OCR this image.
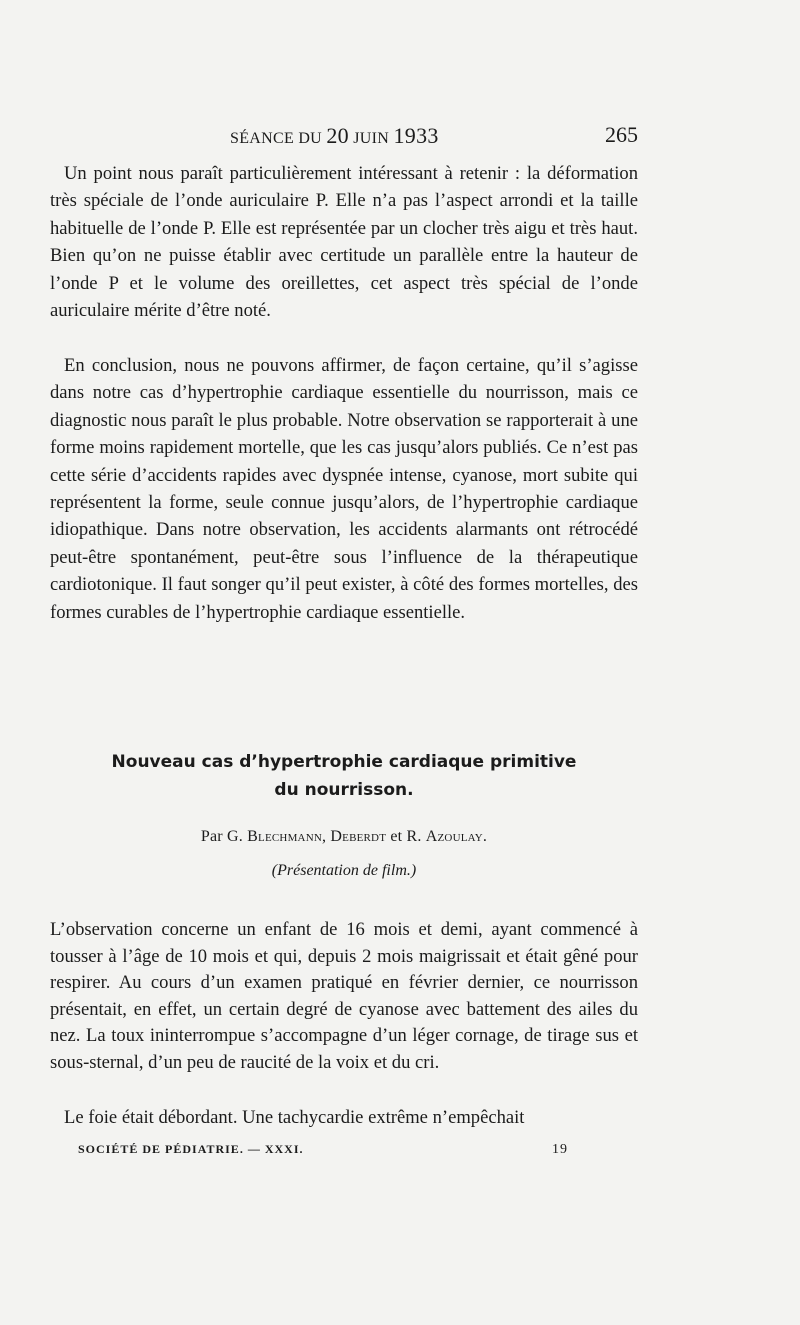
SÉANCE DU 20 JUIN 1933	265

Un point nous paraît particulièrement intéressant à retenir : la déformation très spéciale de l’onde auriculaire P. Elle n’a pas l’aspect arrondi et la taille habituelle de l’onde P. Elle est représentée par un clocher très aigu et très haut. Bien qu’on ne puisse établir avec certitude un parallèle entre la hauteur de l’onde P et le volume des oreillettes, cet aspect très spécial de l’onde auriculaire mérite d’être noté.

En conclusion, nous ne pouvons affirmer, de façon certaine, qu’il s’agisse dans notre cas d’hypertrophie cardiaque essentielle du nourrisson, mais ce diagnostic nous paraît le plus probable. Notre observation se rapporterait à une forme moins rapidement mortelle, que les cas jusqu’alors publiés. Ce n’est pas cette série d’accidents rapides avec dyspnée intense, cyanose, mort subite qui représentent la forme, seule connue jusqu’alors, de l’hypertrophie cardiaque idiopathique. Dans notre observation, les accidents alarmants ont rétrocédé peut-être spontanément, peut-être sous l’influence de la thérapeutique cardiotonique. Il faut songer qu’il peut exister, à côté des formes mortelles, des formes curables de l’hypertrophie cardiaque essentielle.

Nouveau cas d’hypertrophie cardiaque primitive
du nourrisson.
Par G. Blechmann, Deberdt et R. Azoulay.
(Présentation de film.)

L’observation concerne un enfant de 16 mois et demi, ayant commencé à tousser à l’âge de 10 mois et qui, depuis 2 mois maigrissait et était gêné pour respirer. Au cours d’un examen pratiqué en février dernier, ce nourrisson présentait, en effet, un certain degré de cyanose avec battement des ailes du nez. La toux ininterrompue s’accompagne d’un léger cornage, de tirage sus et sous-sternal, d’un peu de raucité de la voix et du cri.

Le foie était débordant. Une tachycardie extrême n’empêchait

SOCIÉTÉ DE PÉDIATRIE. — XXXI.	19
